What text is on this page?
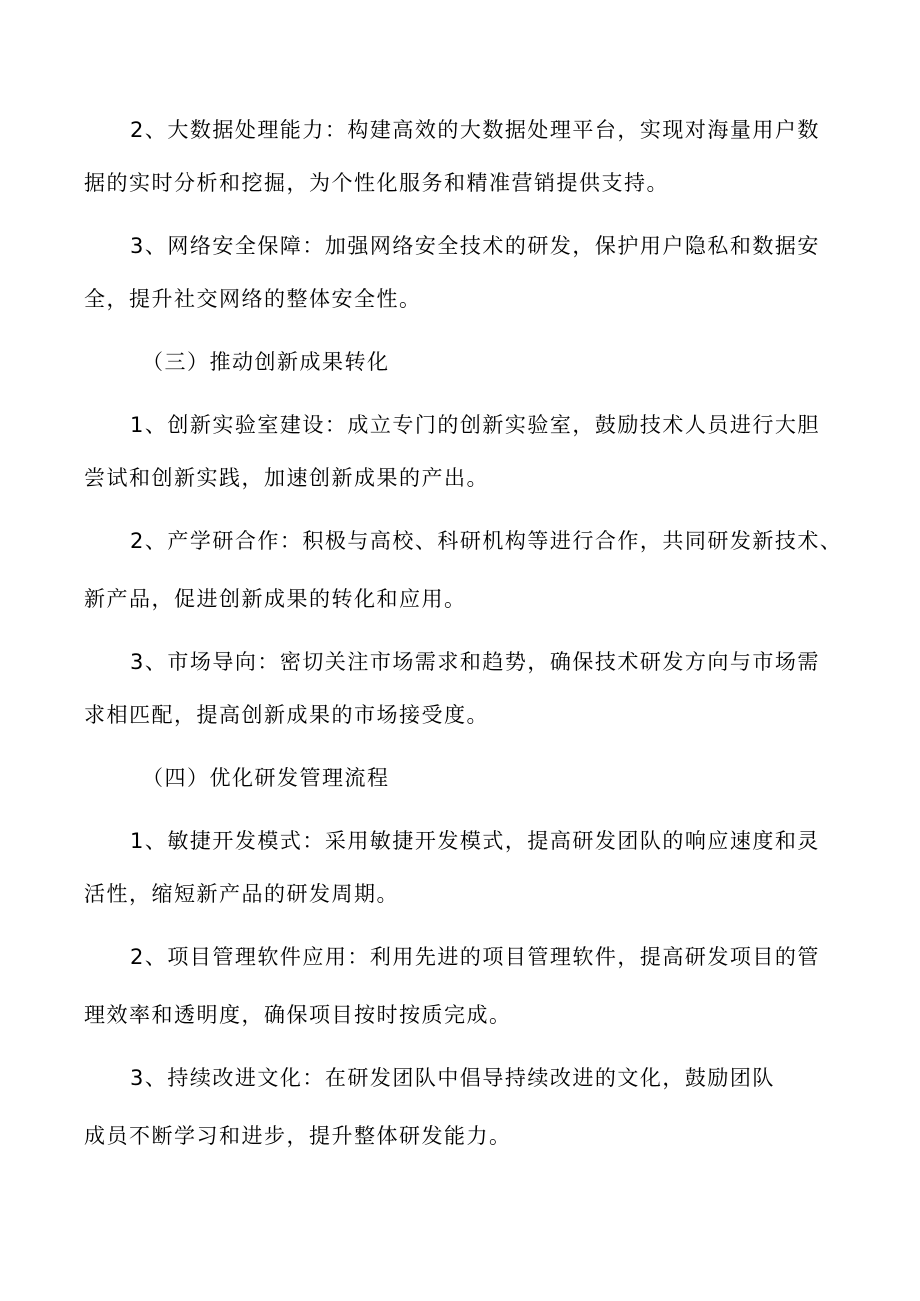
2、大数据处理能力：构建高效的大数据处理平台，实现对海量用户数
据的实时分析和挖掘，为个性化服务和精准营销提供支持。
3、网络安全保障：加强网络安全技术的研发，保护用户隐私和数据安
全，提升社交网络的整体安全性。
（三）推动创新成果转化
1、创新实验室建设：成立专门的创新实验室，鼓励技术人员进行大胆
尝试和创新实践，加速创新成果的产出。
2、产学研合作：积极与高校、科研机构等进行合作，共同研发新技术、
新产品，促进创新成果的转化和应用。
3、市场导向：密切关注市场需求和趋势，确保技术研发方向与市场需
求相匹配，提高创新成果的市场接受度。
（四）优化研发管理流程
1、敏捷开发模式：采用敏捷开发模式，提高研发团队的响应速度和灵
活性，缩短新产品的研发周期。
2、项目管理软件应用：利用先进的项目管理软件，提高研发项目的管
理效率和透明度，确保项目按时按质完成。
3、持续改进文化：在研发团队中倡导持续改进的文化，鼓励团队
成员不断学习和进步，提升整体研发能力。
